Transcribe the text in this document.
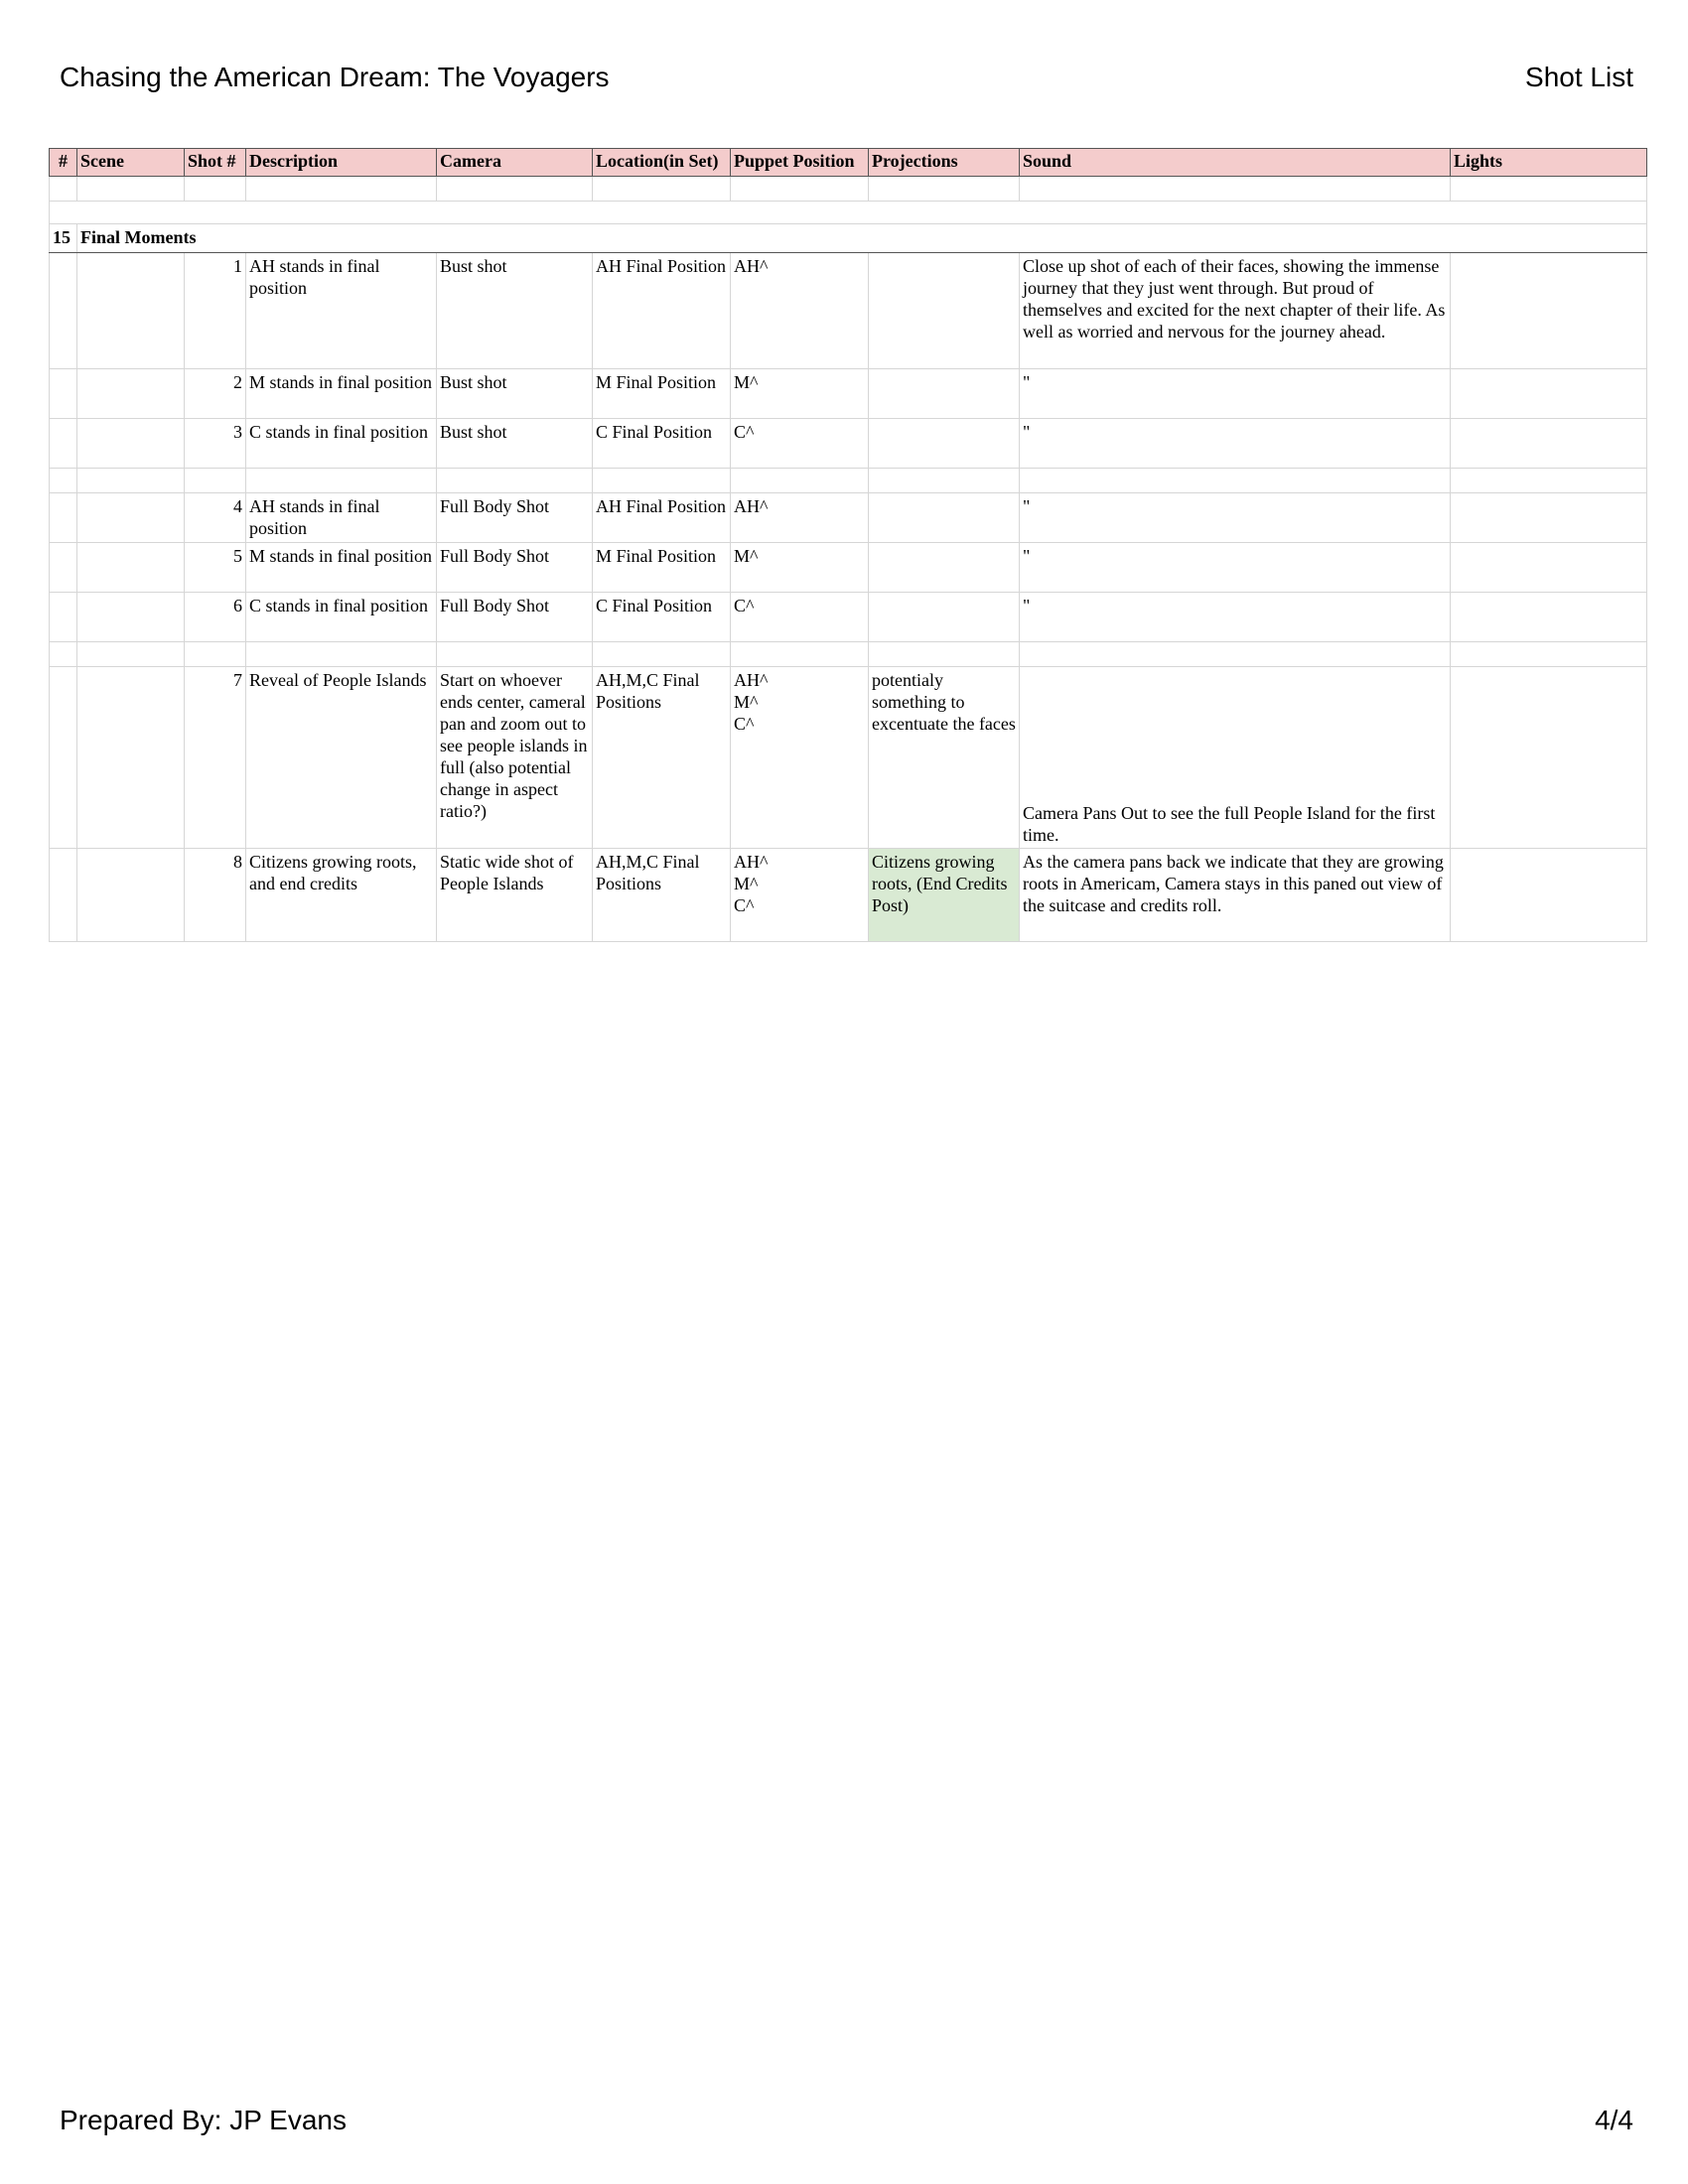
Chasing the American Dream: The Voyagers	Shot List
#	Scene	Shot #	Description	Camera	Location(in Set)	Puppet Position	Projections	Sound	Lights

15	Final Moments								
		1	AH stands in final position	Bust shot	AH Final Position	AH^		Close up shot of each of their faces, showing the immense journey that they just went through. But proud of themselves and excited for the next chapter of their life. As well as worried and nervous for the journey ahead.	
		2	M stands in final position	Bust shot	M Final Position	M^		"	
		3	C stands in final position	Bust shot	C Final Position	C^		"	

		4	AH stands in final position	Full Body Shot	AH Final Position	AH^		"	
		5	M stands in final position	Full Body Shot	M Final Position	M^		"	
		6	C stands in final position	Full Body Shot	C Final Position	C^		"	

		7	Reveal of People Islands	Start on whoever ends center, cameral pan and zoom out to see people islands in full (also potential change in aspect ratio?)	AH,M,C Final Positions	AH^
M^
C^	potentialy something to excentuate the faces	Camera Pans Out to see the full People Island for the first time.	
		8	Citizens growing roots, and end credits	Static wide shot of People Islands	AH,M,C Final Positions	AH^
M^
C^	Citizens growing roots, (End Credits Post)	As the camera pans back we indicate that they are growing roots in Americam, Camera stays in this paned out view of the suitcase and credits roll.	
Prepared By: JP Evans	4/4
